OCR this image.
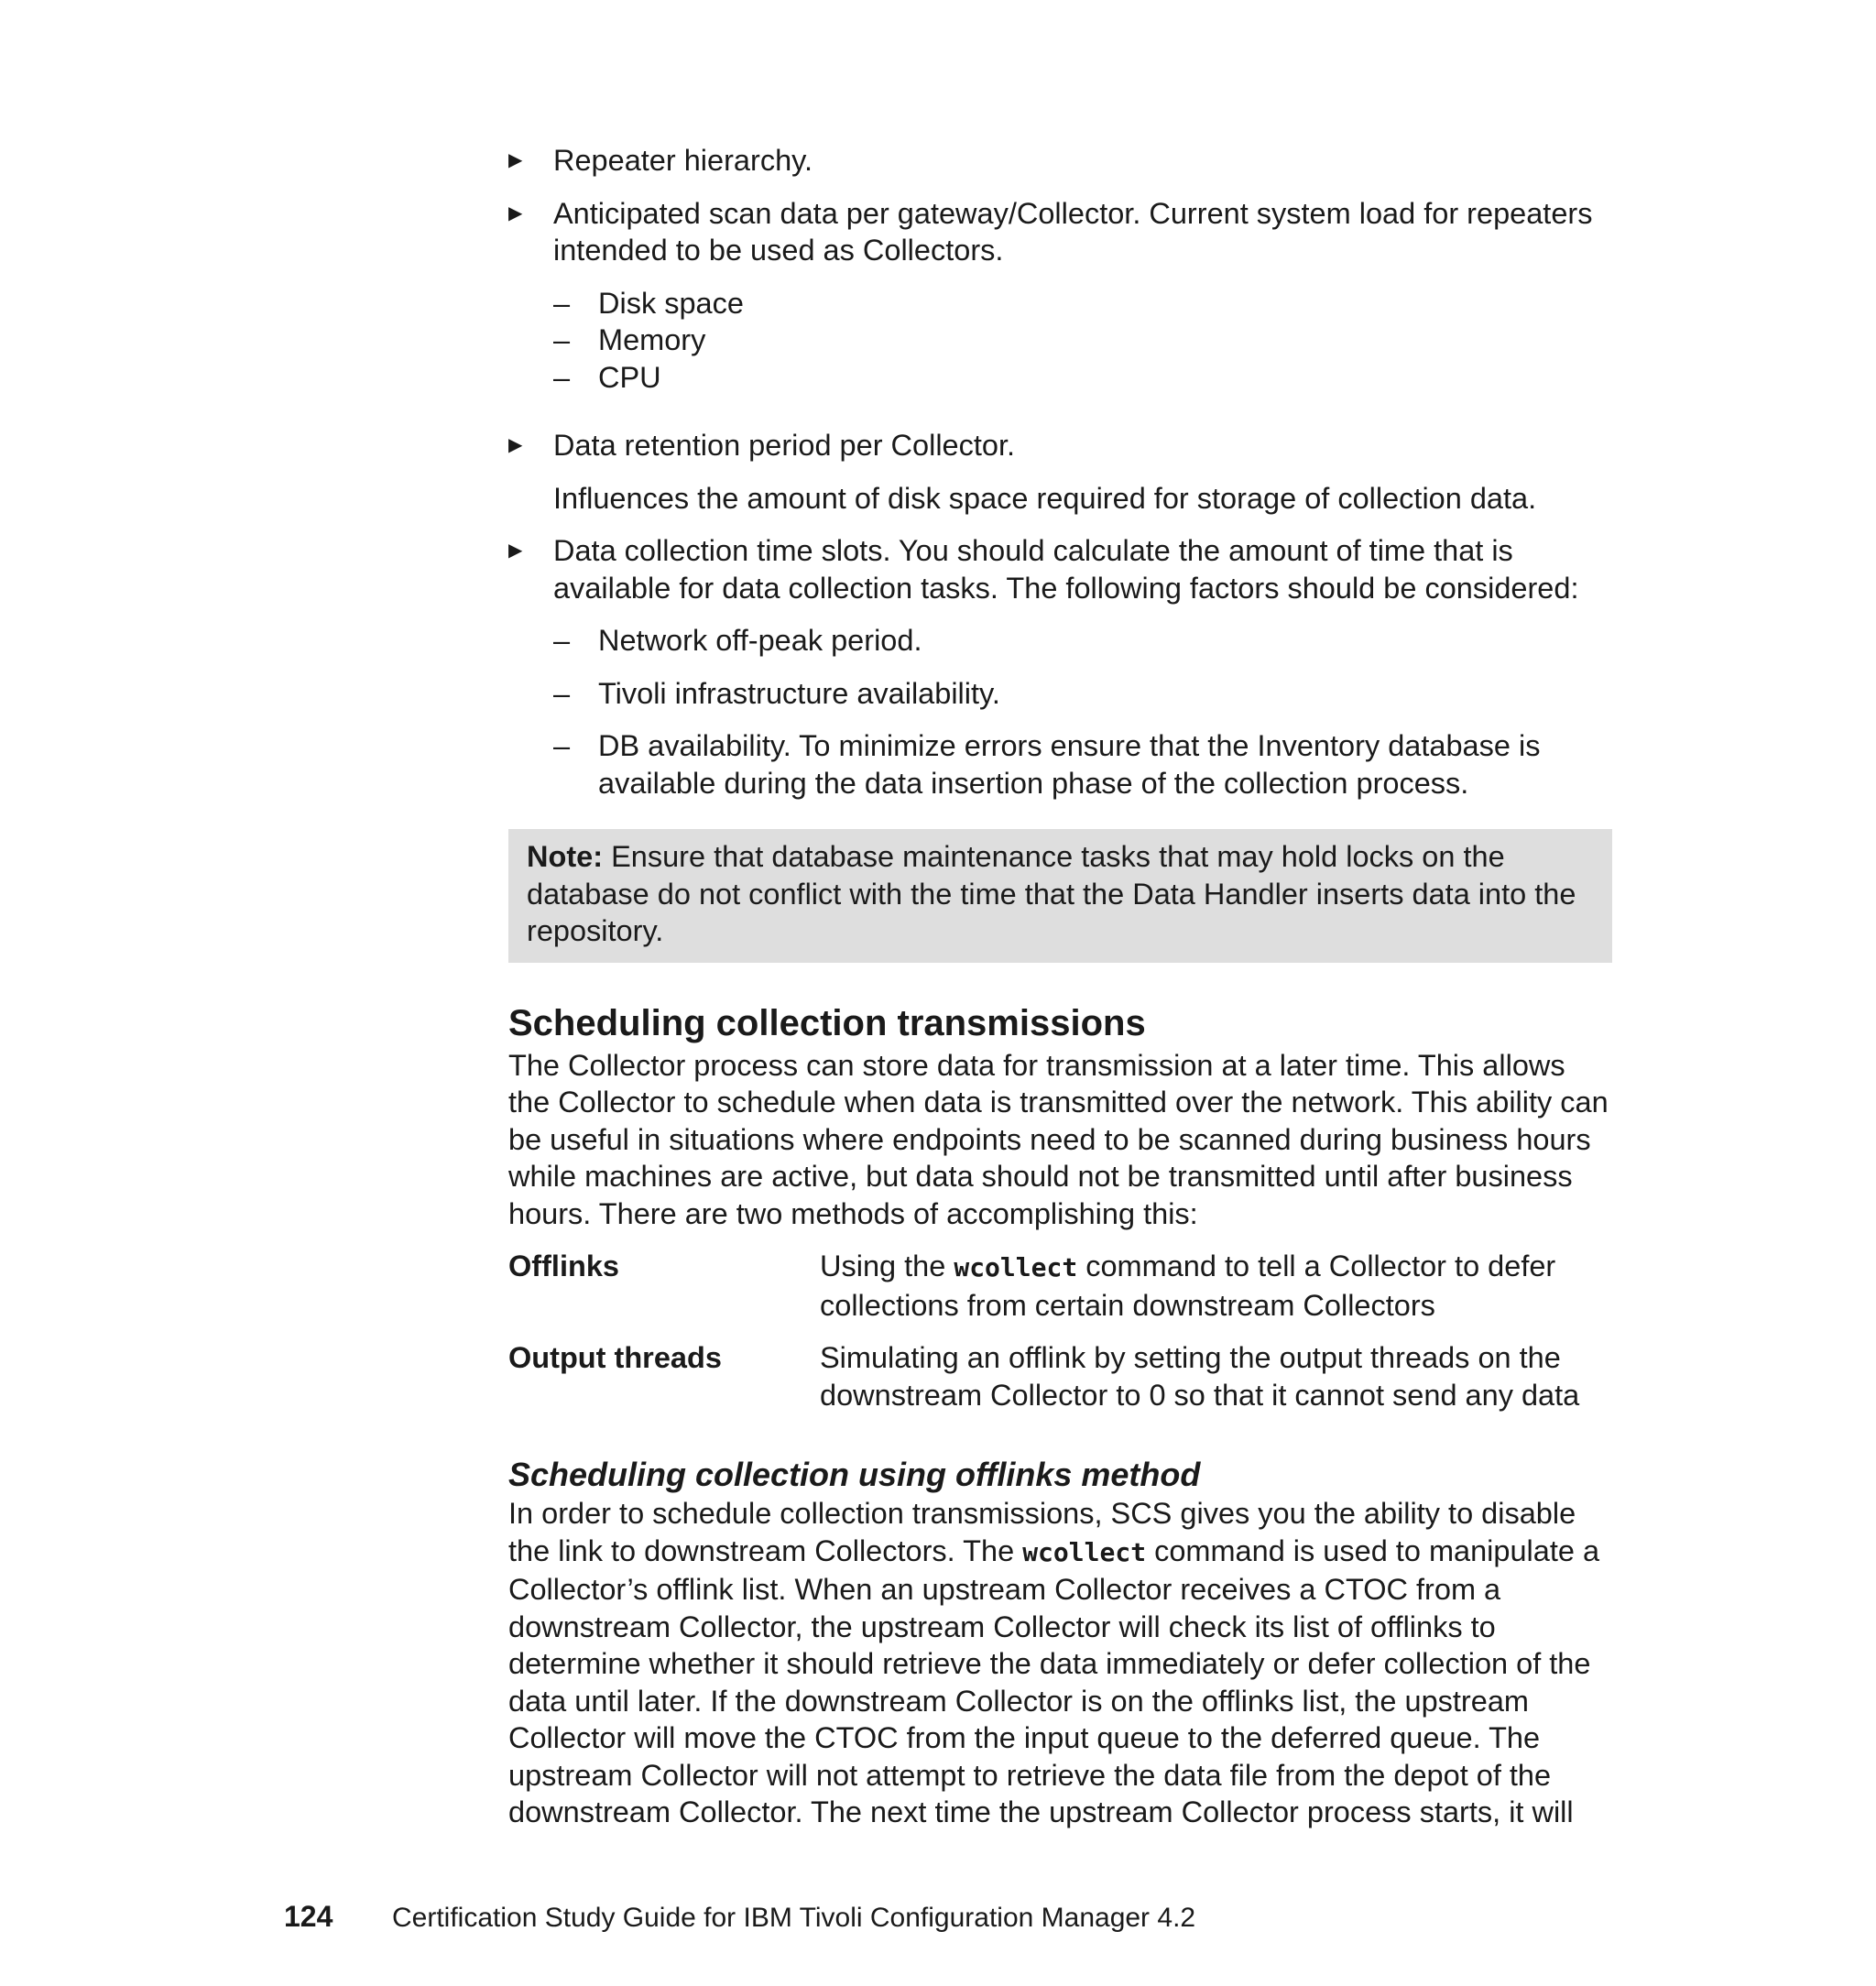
▶ Repeater hierarchy.
▶ Anticipated scan data per gateway/Collector. Current system load for repeaters intended to be used as Collectors.
– Disk space
– Memory
– CPU
▶ Data retention period per Collector.
Influences the amount of disk space required for storage of collection data.
▶ Data collection time slots. You should calculate the amount of time that is available for data collection tasks. The following factors should be considered:
– Network off-peak period.
– Tivoli infrastructure availability.
– DB availability. To minimize errors ensure that the Inventory database is available during the data insertion phase of the collection process.
Note: Ensure that database maintenance tasks that may hold locks on the database do not conflict with the time that the Data Handler inserts data into the repository.
Scheduling collection transmissions

The Collector process can store data for transmission at a later time. This allows the Collector to schedule when data is transmitted over the network. This ability can be useful in situations where endpoints need to be scanned during business hours while machines are active, but data should not be transmitted until after business hours. There are two methods of accomplishing this:

Offlinks	Using the wcollect command to tell a Collector to defer collections from certain downstream Collectors
Output threads	Simulating an offlink by setting the output threads on the downstream Collector to 0 so that it cannot send any data
Scheduling collection using offlinks method

In order to schedule collection transmissions, SCS gives you the ability to disable the link to downstream Collectors. The wcollect command is used to manipulate a Collector’s offlink list. When an upstream Collector receives a CTOC from a downstream Collector, the upstream Collector will check its list of offlinks to determine whether it should retrieve the data immediately or defer collection of the data until later. If the downstream Collector is on the offlinks list, the upstream Collector will move the CTOC from the input queue to the deferred queue. The upstream Collector will not attempt to retrieve the data file from the depot of the downstream Collector. The next time the upstream Collector process starts, it will

124 Certification Study Guide for IBM Tivoli Configuration Manager 4.2
